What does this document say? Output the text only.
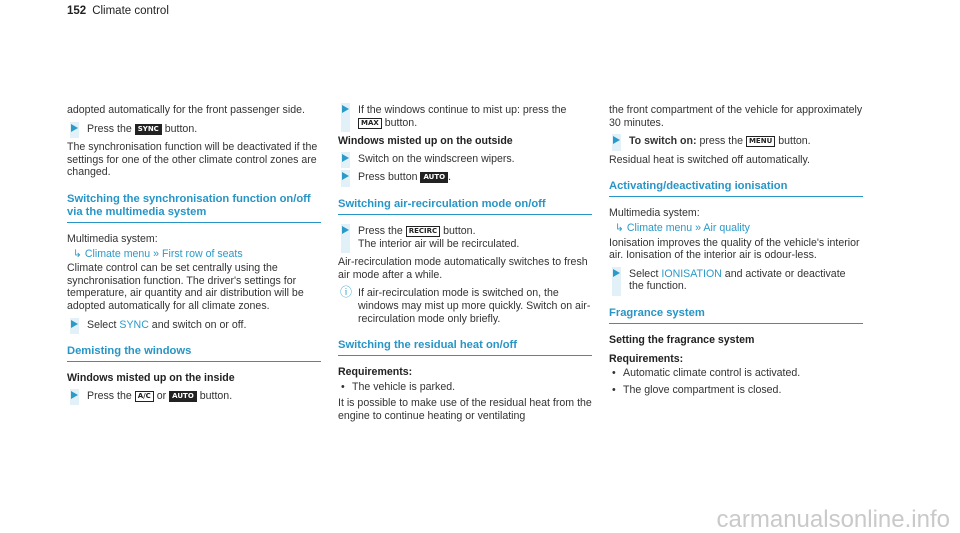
152 Climate control

adopted automatically for the front passenger side.

Press the SYNC button.

The synchronisation function will be deactivated if the settings for one of the other climate control zones are changed.

Switching the synchronisation function on/off via the multimedia system

Multimedia system:

↳ Climate menu » First row of seats

Climate control can be set centrally using the synchronisation function. The driver's settings for temperature, air quantity and air distribution will be adopted automatically for all climate zones.

Select SYNC and switch on or off.
Demisting the windows
Windows misted up on the inside
Press the A/C or AUTO button.
If the windows continue to mist up: press the MAX button.
Windows misted up on the outside
Switch on the windscreen wipers.
Press button AUTO .
Switching air-recirculation mode on/off
Press the RECIRC button.
The interior air will be recirculated.

Air-recirculation mode automatically switches to fresh air mode after a while.

ⓘ If air-recirculation mode is switched on, the windows may mist up more quickly. Switch on air-recirculation mode only briefly.
Switching the residual heat on/off
Requirements:
• The vehicle is parked.

It is possible to make use of the residual heat from the engine to continue heating or ventilating

the front compartment of the vehicle for approximately 30 minutes.

To switch on: press the MENU button.

Residual heat is switched off automatically.

Activating/deactivating ionisation

Multimedia system:

↳ Climate menu » Air quality

Ionisation improves the quality of the vehicle's interior air. Ionisation of the interior air is odour-less.

Select IONISATION and activate or deactivate the function.
Fragrance system
Setting the fragrance system
Requirements:
• Automatic climate control is activated.
• The glove compartment is closed.
carmanualsonline.info
